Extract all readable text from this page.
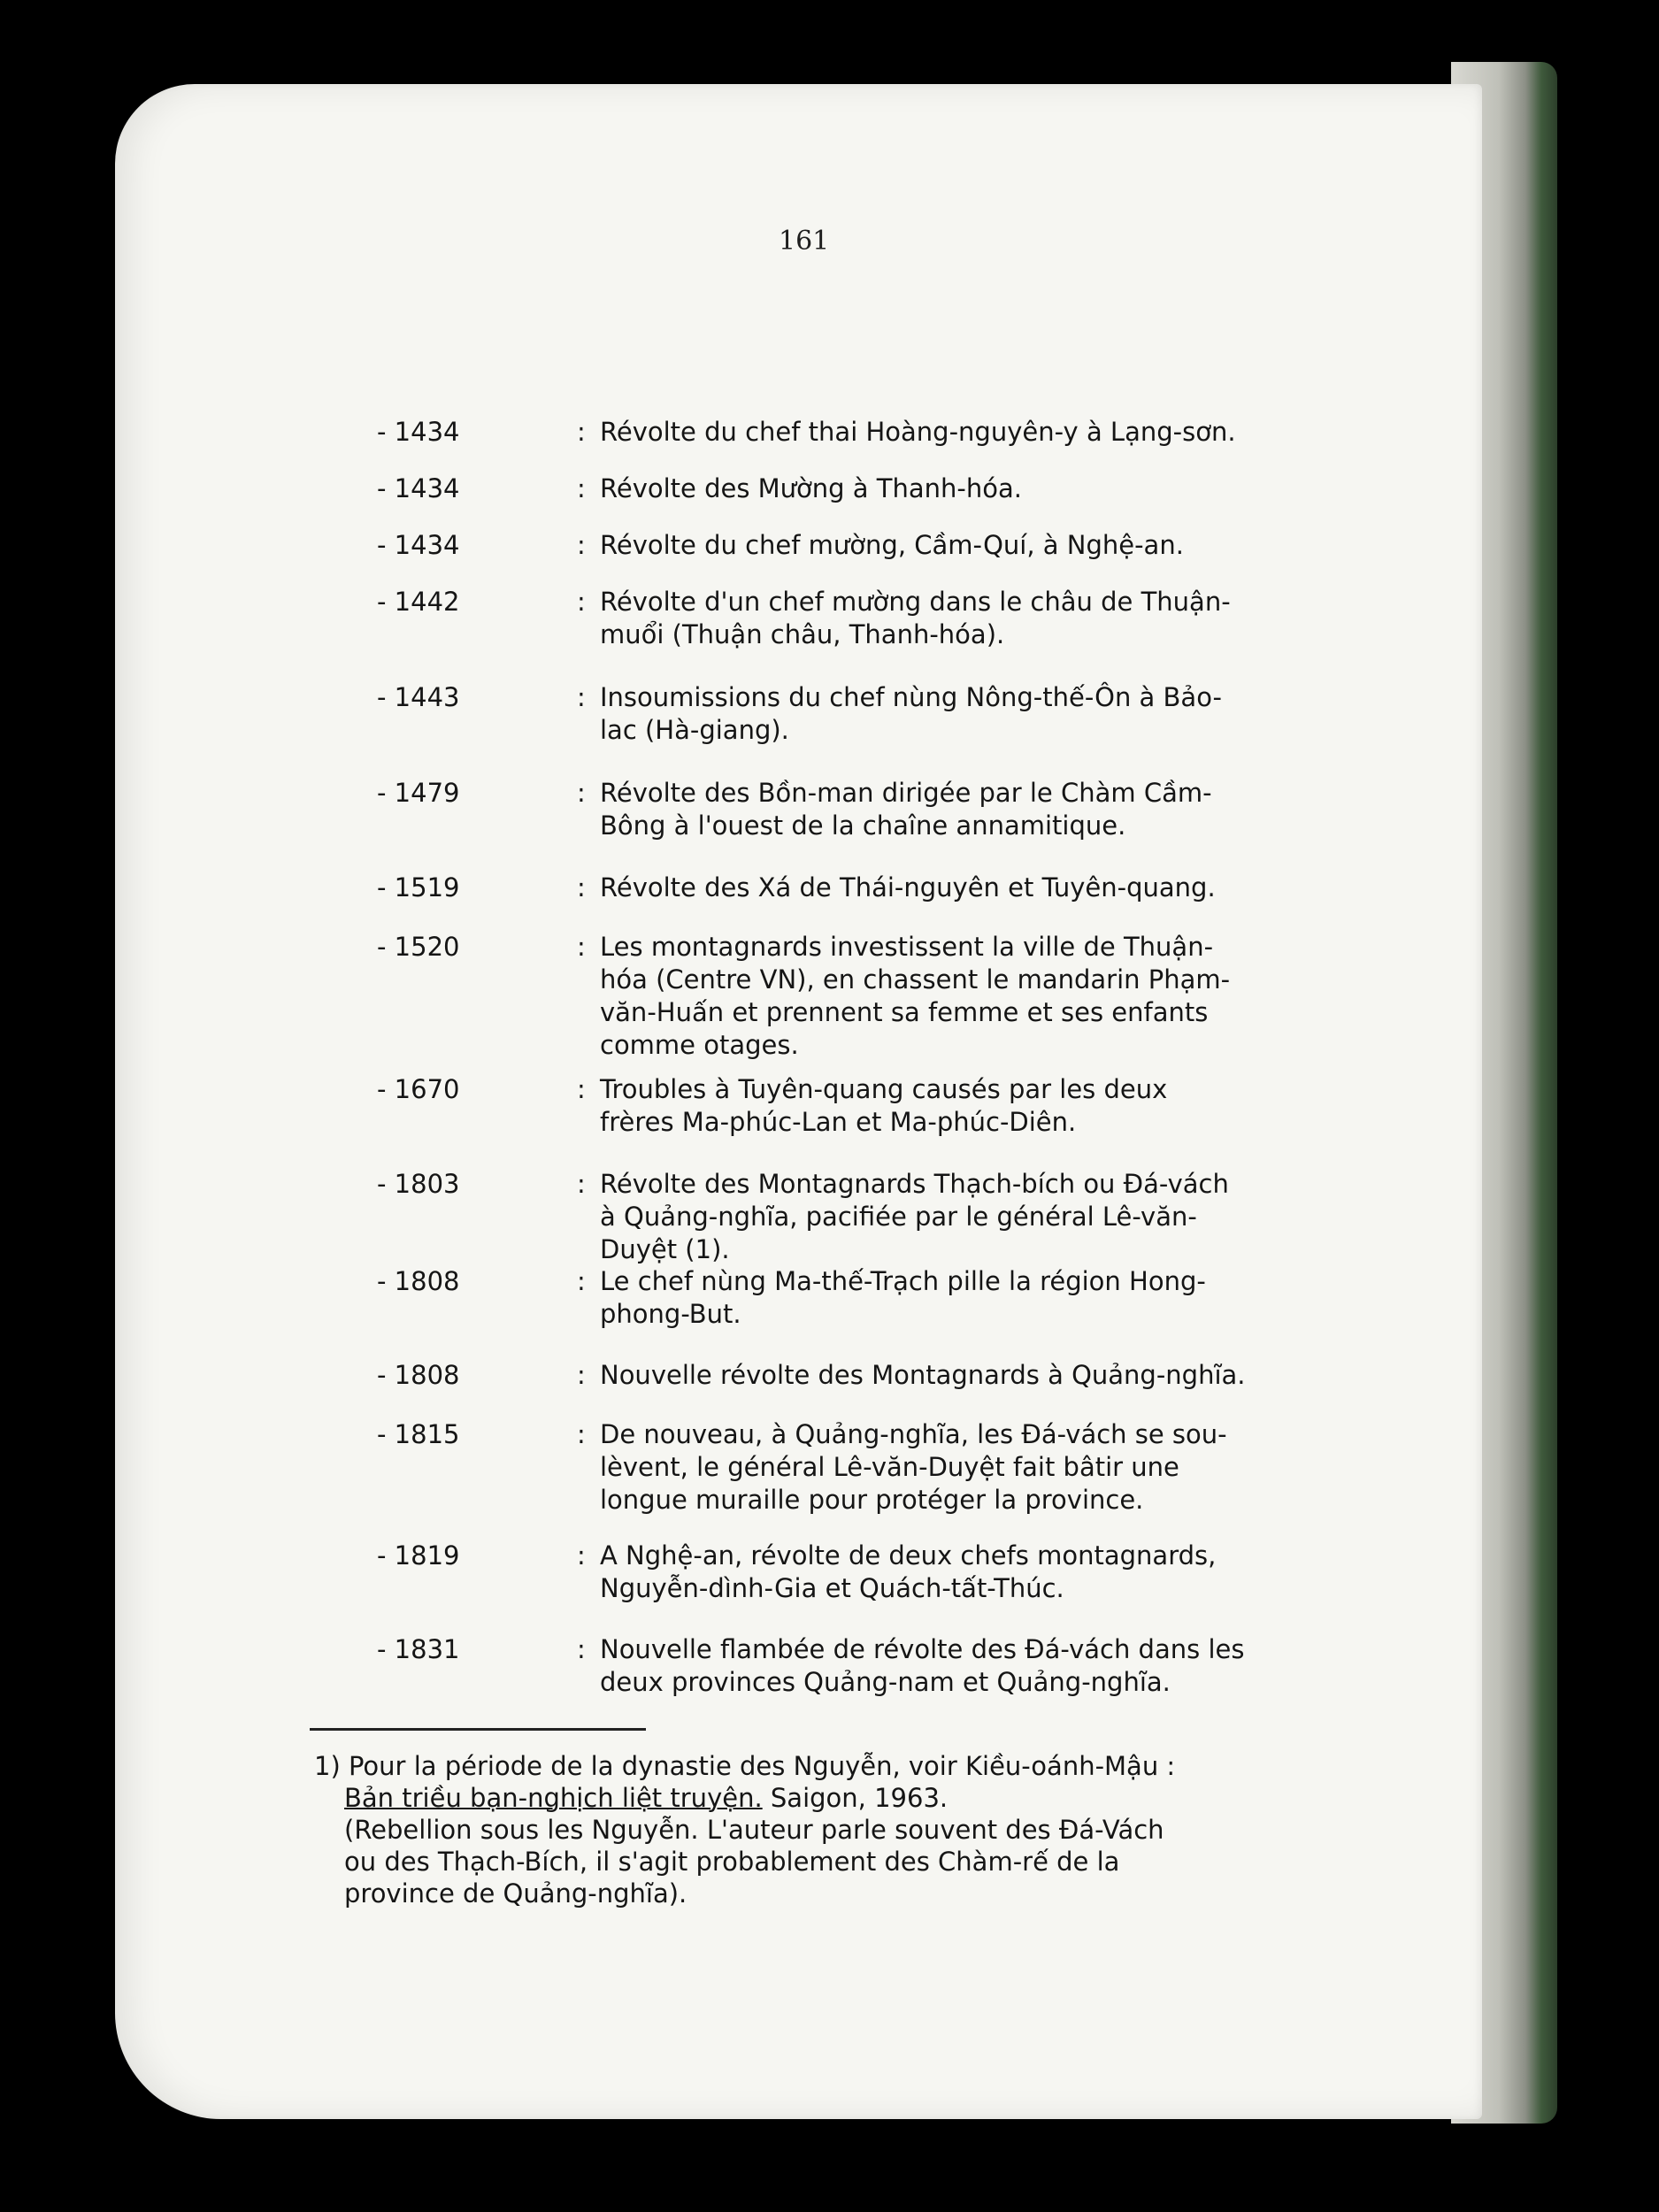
161
- 1434	: Révolte du chef thai Hoàng-nguyên-y à Lạng-sơn.
- 1434	: Révolte des Mường à Thanh-hóa.
- 1434	: Révolte du chef mường, Cầm-Quí, à Nghệ-an.
- 1442	: Révolte d'un chef mường dans le châu de Thuận-
muổi (Thuận châu, Thanh-hóa).
- 1443	: Insoumissions du chef nùng Nông-thế-Ôn à Bảo-
lac (Hà-giang).
- 1479	: Révolte des Bồn-man dirigée par le Chàm Cầm-
Bông à l'ouest de la chaîne annamitique.
- 1519	: Révolte des Xá de Thái-nguyên et Tuyên-quang.
- 1520	: Les montagnards investissent la ville de Thuận-
hóa (Centre VN), en chassent le mandarin Phạm-
văn-Huấn et prennent sa femme et ses enfants
comme otages.
- 1670	: Troubles à Tuyên-quang causés par les deux
frères Ma-phúc-Lan et Ma-phúc-Diên.
- 1803	: Révolte des Montagnards Thạch-bích ou Đá-vách
à Quảng-nghĩa, pacifiée par le général Lê-văn-
Duyệt (1).
- 1808	: Le chef nùng Ma-thế-Trạch pille la région Hong-
phong-But.
- 1808	: Nouvelle révolte des Montagnards à Quảng-nghĩa.
- 1815	: De nouveau, à Quảng-nghĩa, les Đá-vách se sou-
lèvent, le général Lê-văn-Duyệt fait bâtir une
longue muraille pour protéger la province.
- 1819	: A Nghệ-an, révolte de deux chefs montagnards,
Nguyễn-dình-Gia et Quách-tất-Thúc.
- 1831	: Nouvelle flambée de révolte des Đá-vách dans les
deux provinces Quảng-nam et Quảng-nghĩa.
1) Pour la période de la dynastie des Nguyễn, voir Kiều-oánh-Mậu :
Bản triều bạn-nghịch liệt truyện. Saigon, 1963.
(Rebellion sous les Nguyễn. L'auteur parle souvent des Đá-Vách
ou des Thạch-Bích, il s'agit probablement des Chàm-rế de la
province de Quảng-nghĩa).
